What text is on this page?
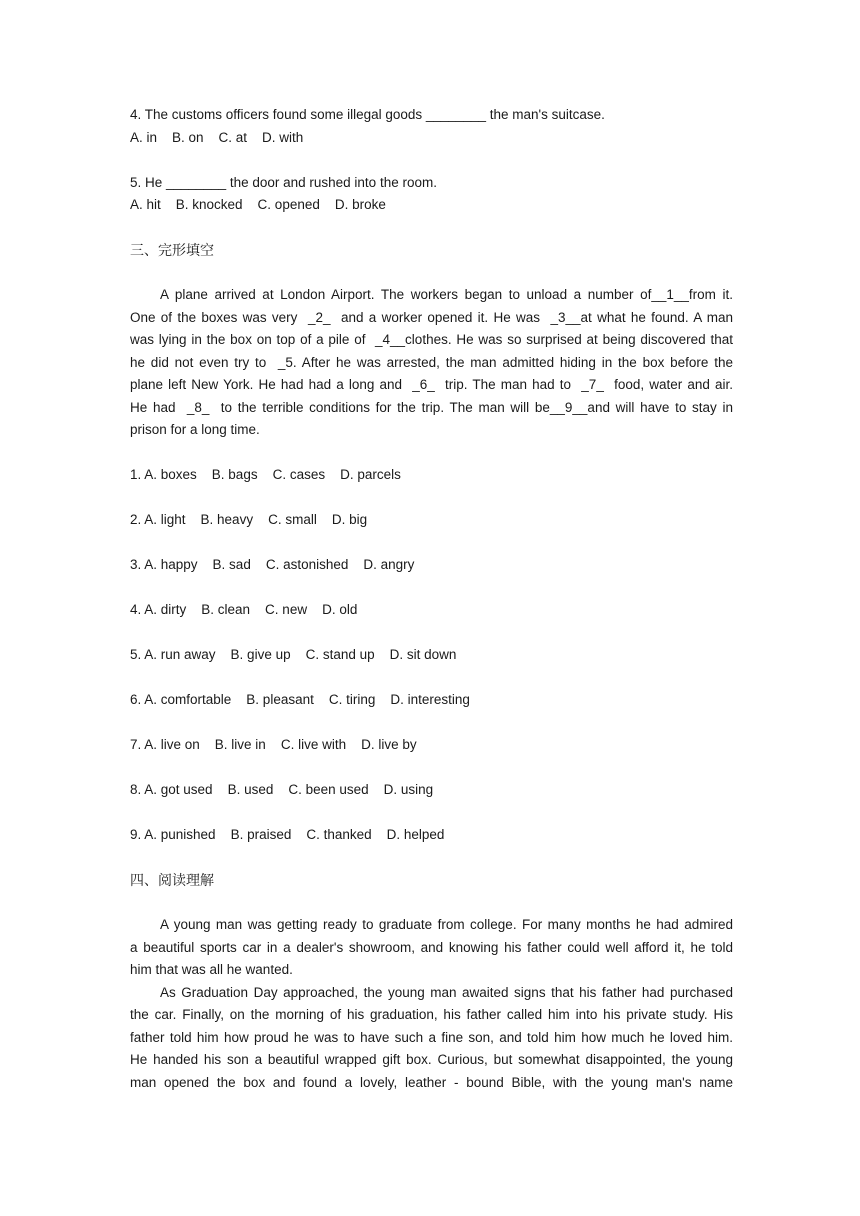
4. The customs officers found some illegal goods ________ the man's suitcase.
A. in    B. on    C. at    D. with
5. He ________ the door and rushed into the room.
A. hit    B. knocked    C. opened    D. broke
三、完形填空
A plane arrived at London Airport. The workers began to unload a number of__1__from it.
One of the boxes was very  _2_  and a worker opened it. He was  _3__at what he found. A man
was lying in the box on top of a pile of  _4__clothes. He was so surprised at being discovered that
he did not even try to  _5. After he was arrested, the man admitted hiding in the box before the
plane left New York. He had had a long and  _6_  trip. The man had to  _7_  food, water and air.
He had  _8_  to the terrible conditions for the trip. The man will be__9__and will have to stay in
prison for a long time.
1. A. boxes    B. bags    C. cases    D. parcels
2. A. light    B. heavy    C. small    D. big
3. A. happy    B. sad    C. astonished    D. angry
4. A. dirty    B. clean    C. new    D. old
5. A. run away    B. give up    C. stand up    D. sit down
6. A. comfortable    B. pleasant    C. tiring    D. interesting
7. A. live on    B. live in    C. live with    D. live by
8. A. got used    B. used    C. been used    D. using
9. A. punished    B. praised    C. thanked    D. helped
四、阅读理解
A young man was getting ready to graduate from college. For many months he had admired
a beautiful sports car in a dealer's showroom, and knowing his father could well afford it, he told
him that was all he wanted.
As Graduation Day approached, the young man awaited signs that his father had purchased
the car. Finally, on the morning of his graduation, his father called him into his private study. His
father told him how proud he was to have such a fine son, and told him how much he loved him.
He handed his son a beautiful wrapped gift box. Curious, but somewhat disappointed, the young
man opened the box and found a lovely, leather - bound Bible, with the young man's name
